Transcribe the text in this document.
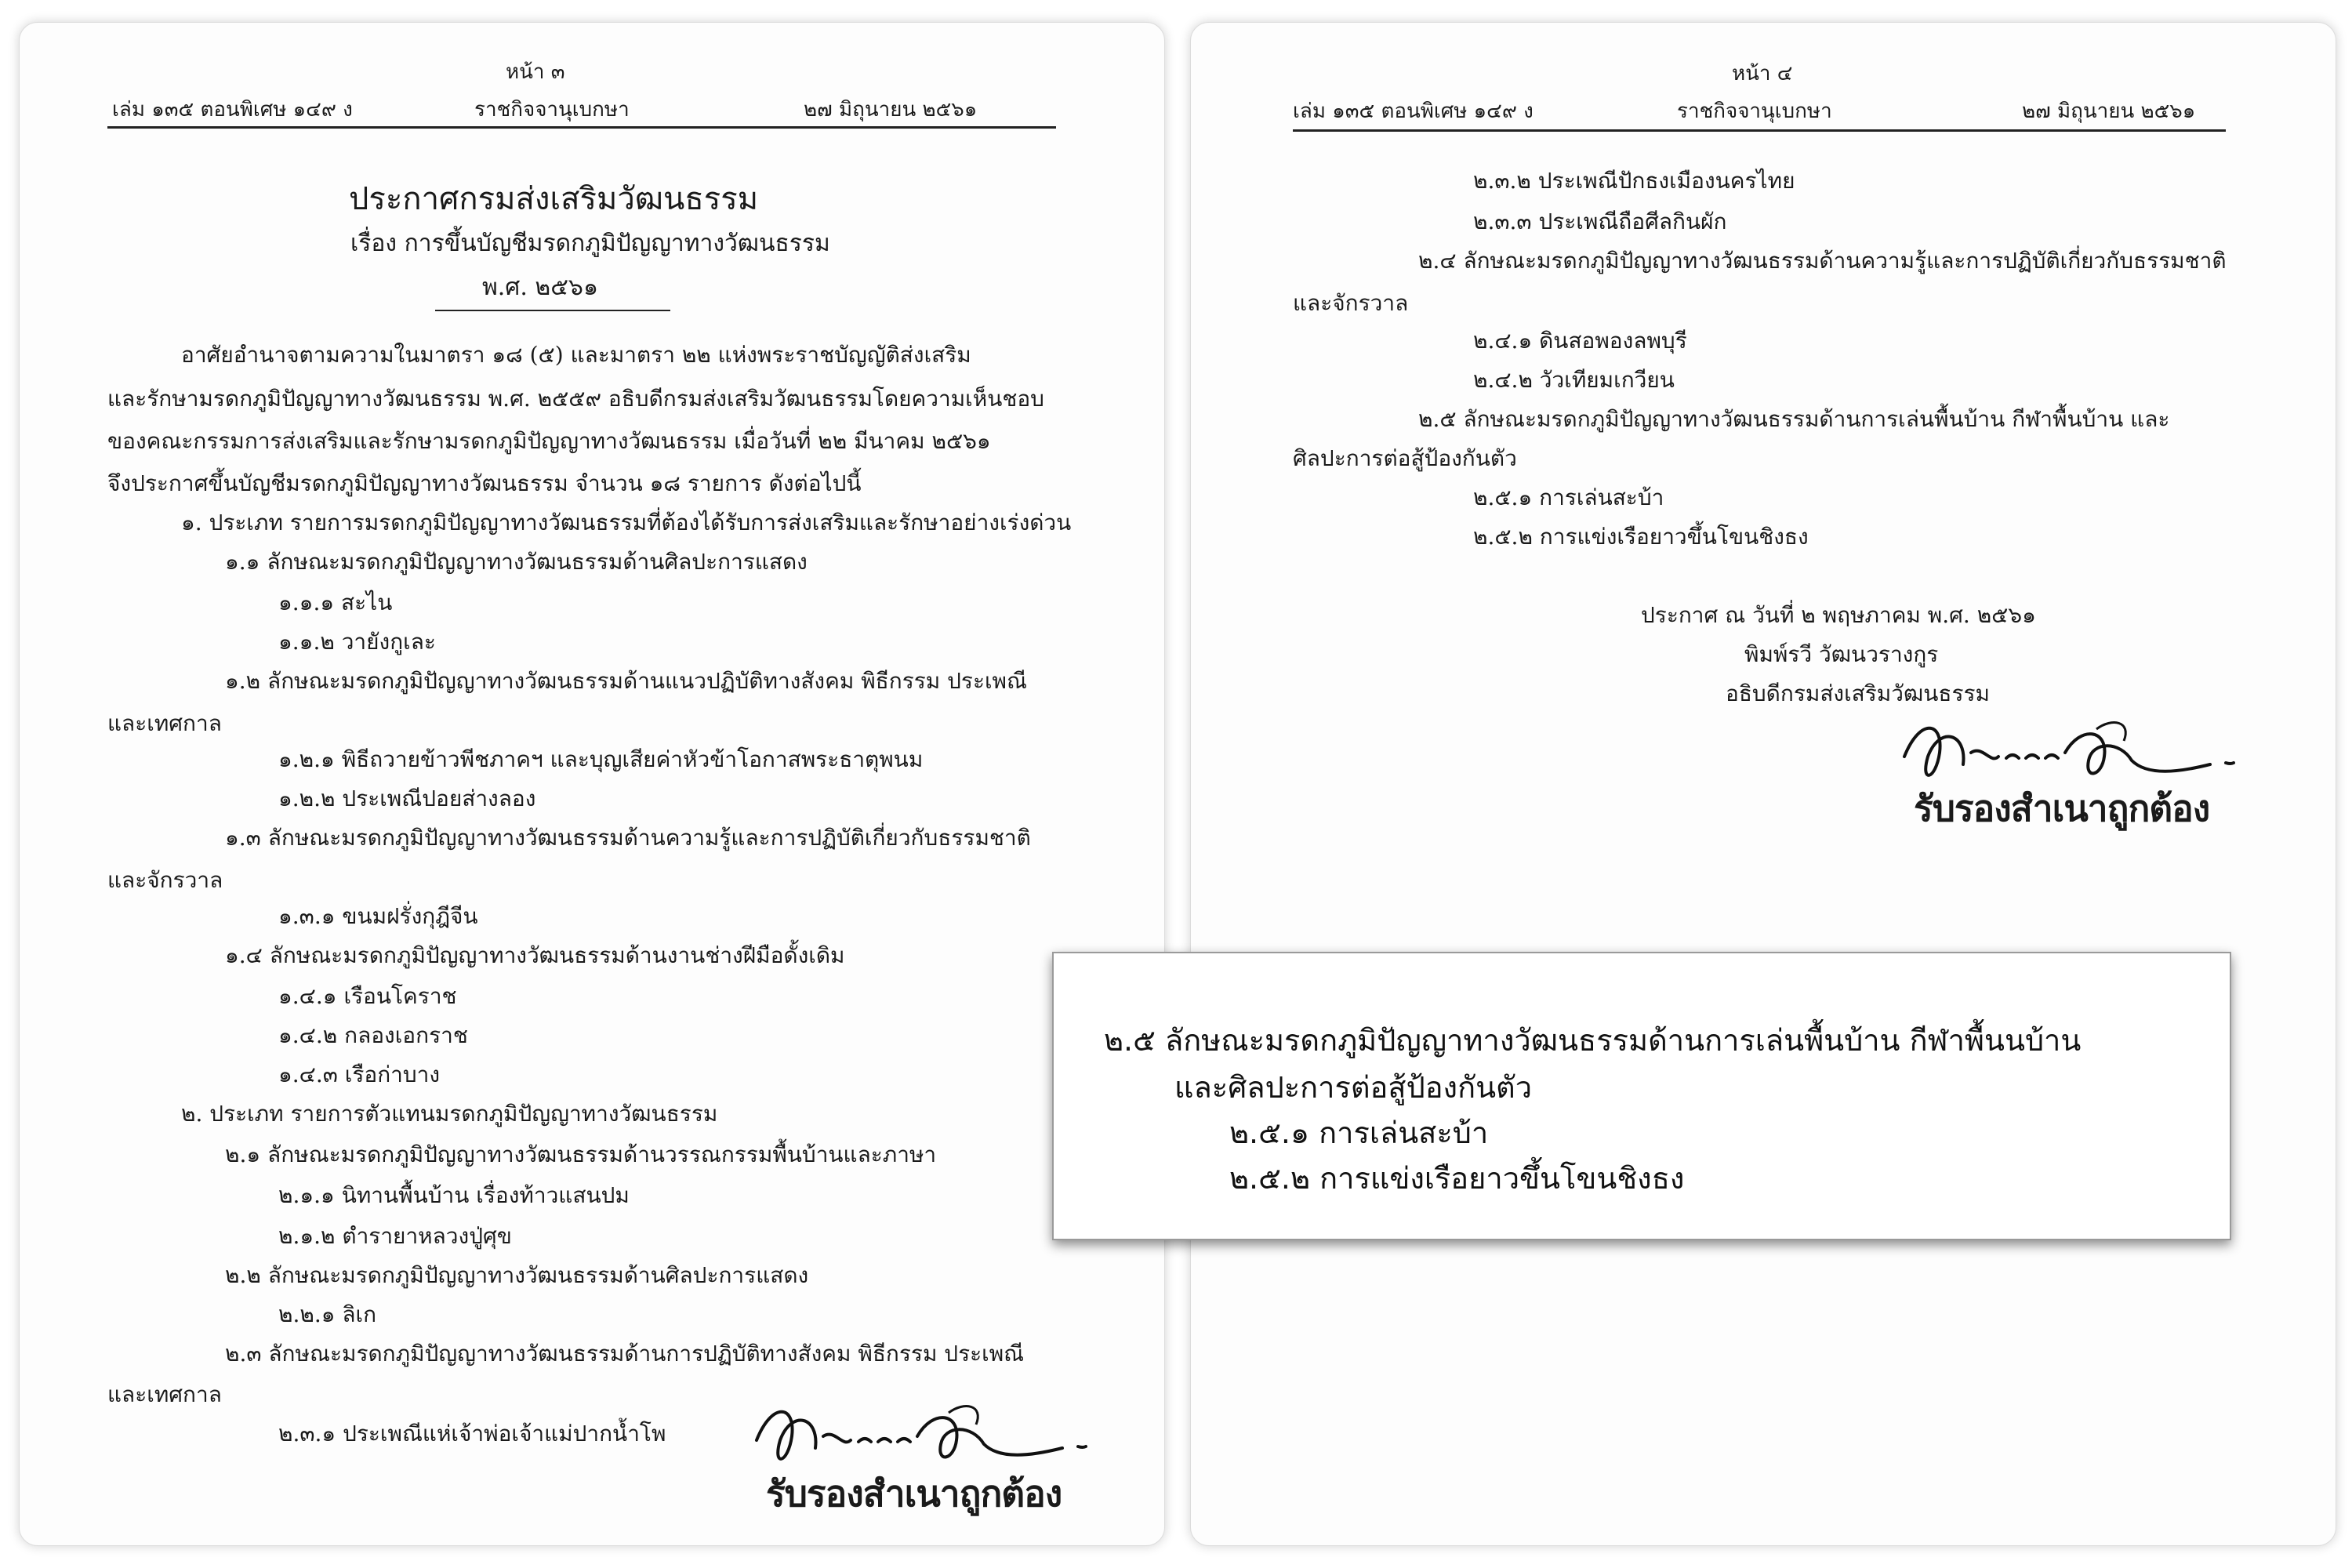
หน้า ๓
เล่ม ๑๓๕ ตอนพิเศษ ๑๔๙ ง	ราชกิจจานุเบกษา	๒๗ มิถุนายน ๒๕๖๑
ประกาศกรมส่งเสริมวัฒนธรรม
เรื่อง การขึ้นบัญชีมรดกภูมิปัญญาทางวัฒนธรรม
พ.ศ. ๒๕๖๑
อาศัยอำนาจตามความในมาตรา ๑๘ (๕) และมาตรา ๒๒ แห่งพระราชบัญญัติส่งเสริม
และรักษามรดกภูมิปัญญาทางวัฒนธรรม พ.ศ. ๒๕๕๙ อธิบดีกรมส่งเสริมวัฒนธรรมโดยความเห็นชอบ
ของคณะกรรมการส่งเสริมและรักษามรดกภูมิปัญญาทางวัฒนธรรม เมื่อวันที่ ๒๒ มีนาคม ๒๕๖๑
จึงประกาศขึ้นบัญชีมรดกภูมิปัญญาทางวัฒนธรรม จำนวน ๑๘ รายการ ดังต่อไปนี้
๑. ประเภท รายการมรดกภูมิปัญญาทางวัฒนธรรมที่ต้องได้รับการส่งเสริมและรักษาอย่างเร่งด่วน
๑.๑ ลักษณะมรดกภูมิปัญญาทางวัฒนธรรมด้านศิลปะการแสดง
๑.๑.๑ สะไน
๑.๑.๒ วายังกูเละ
๑.๒ ลักษณะมรดกภูมิปัญญาทางวัฒนธรรมด้านแนวปฏิบัติทางสังคม พิธีกรรม ประเพณี
และเทศกาล
๑.๒.๑ พิธีถวายข้าวพีชภาคฯ และบุญเสียค่าหัวข้าโอกาสพระธาตุพนม
๑.๒.๒ ประเพณีปอยส่างลอง
๑.๓ ลักษณะมรดกภูมิปัญญาทางวัฒนธรรมด้านความรู้และการปฏิบัติเกี่ยวกับธรรมชาติ
และจักรวาล
๑.๓.๑ ขนมฝรั่งกุฎีจีน
๑.๔ ลักษณะมรดกภูมิปัญญาทางวัฒนธรรมด้านงานช่างฝีมือดั้งเดิม
๑.๔.๑ เรือนโคราช
๑.๔.๒ กลองเอกราช
๑.๔.๓ เรือก่าบาง
๒. ประเภท รายการตัวแทนมรดกภูมิปัญญาทางวัฒนธรรม
๒.๑ ลักษณะมรดกภูมิปัญญาทางวัฒนธรรมด้านวรรณกรรมพื้นบ้านและภาษา
๒.๑.๑ นิทานพื้นบ้าน เรื่องท้าวแสนปม
๒.๑.๒ ตำรายาหลวงปู่ศุข
๒.๒ ลักษณะมรดกภูมิปัญญาทางวัฒนธรรมด้านศิลปะการแสดง
๒.๒.๑ ลิเก
๒.๓ ลักษณะมรดกภูมิปัญญาทางวัฒนธรรมด้านการปฏิบัติทางสังคม พิธีกรรม ประเพณี
และเทศกาล
๒.๓.๑ ประเพณีแห่เจ้าพ่อเจ้าแม่ปากน้ำโพ
รับรองสำเนาถูกต้อง
หน้า ๔
เล่ม ๑๓๕ ตอนพิเศษ ๑๔๙ ง	ราชกิจจานุเบกษา	๒๗ มิถุนายน ๒๕๖๑
๒.๓.๒ ประเพณีปักธงเมืองนครไทย
๒.๓.๓ ประเพณีถือศีลกินผัก
๒.๔ ลักษณะมรดกภูมิปัญญาทางวัฒนธรรมด้านความรู้และการปฏิบัติเกี่ยวกับธรรมชาติ
และจักรวาล
๒.๔.๑ ดินสอพองลพบุรี
๒.๔.๒ วัวเทียมเกวียน
๒.๕ ลักษณะมรดกภูมิปัญญาทางวัฒนธรรมด้านการเล่นพื้นบ้าน กีฬาพื้นบ้าน และ
ศิลปะการต่อสู้ป้องกันตัว
๒.๕.๑ การเล่นสะบ้า
๒.๕.๒ การแข่งเรือยาวขึ้นโขนชิงธง
ประกาศ ณ วันที่ ๒ พฤษภาคม พ.ศ. ๒๕๖๑
พิมพ์รวี วัฒนวรางกูร
อธิบดีกรมส่งเสริมวัฒนธรรม
รับรองสำเนาถูกต้อง
๒.๕ ลักษณะมรดกภูมิปัญญาทางวัฒนธรรมด้านการเล่นพื้นบ้าน กีฬาพื้นนบ้าน
และศิลปะการต่อสู้ป้องกันตัว
๒.๕.๑ การเล่นสะบ้า
๒.๕.๒ การแข่งเรือยาวขึ้นโขนชิงธง
